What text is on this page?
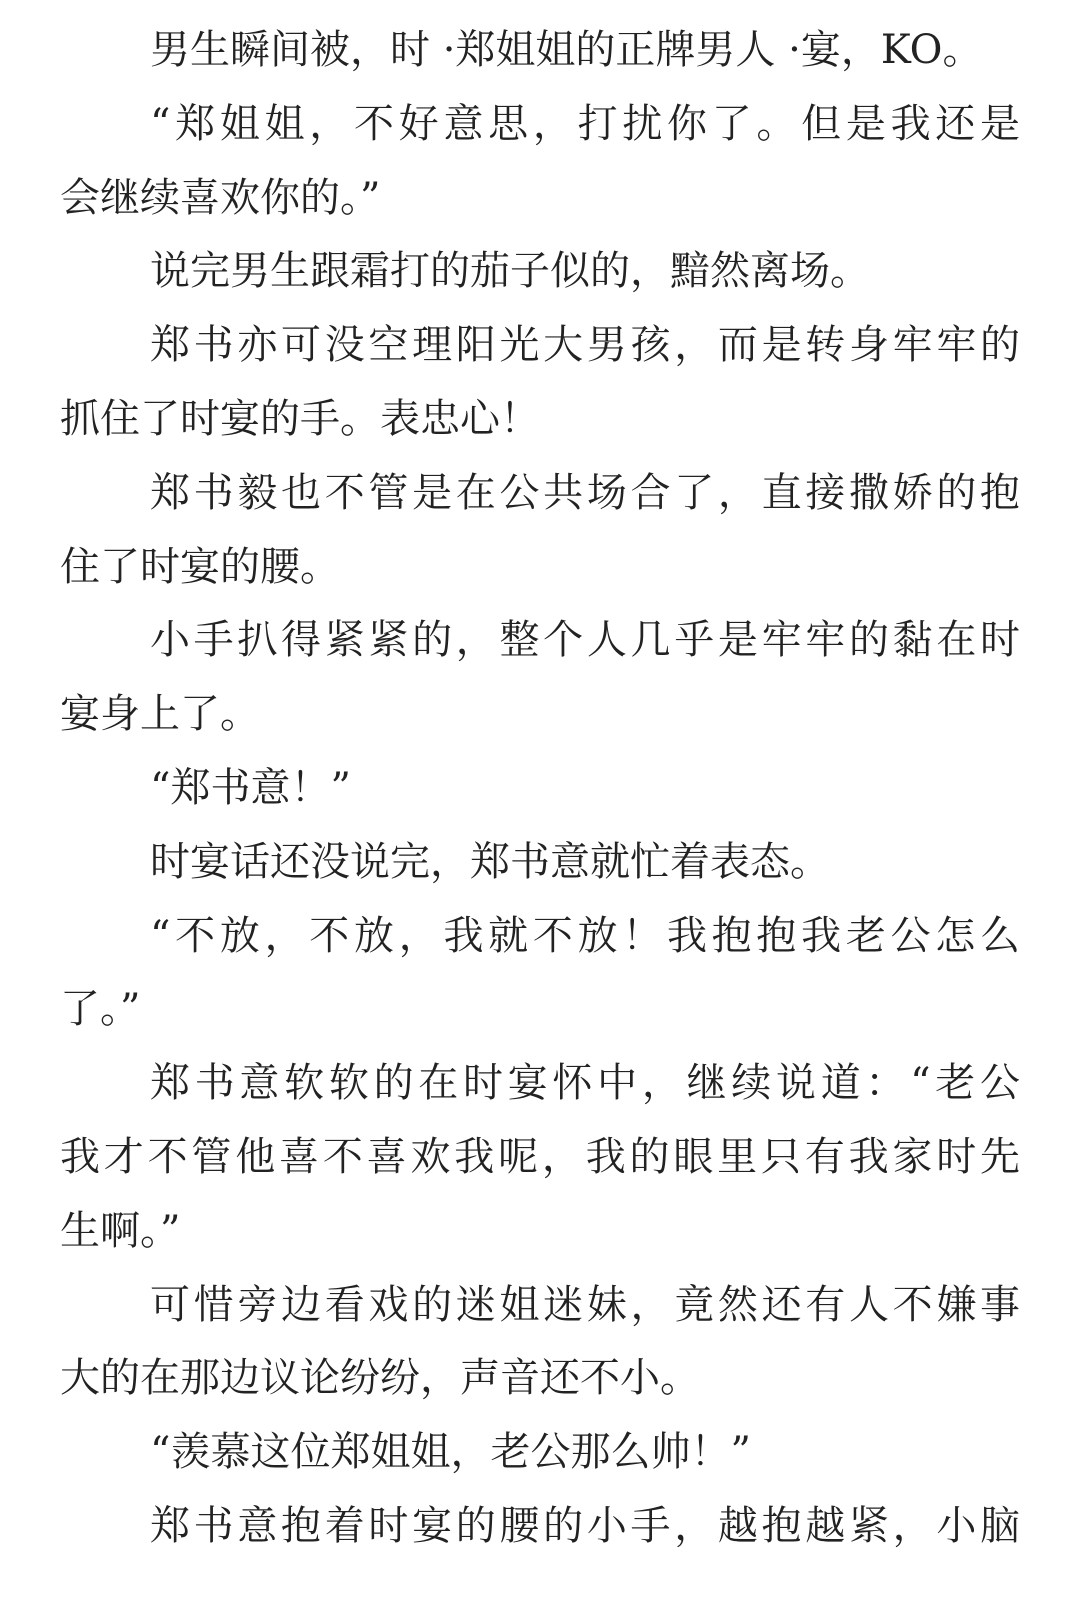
男生瞬间被，时 ·郑姐姐的正牌男人 ·宴，KO。
“郑姐姐，不好意思，打扰你了。但是我还是
会继续喜欢你的。”
说完男生跟霜打的茄子似的，黯然离场。
郑书亦可没空理阳光大男孩，而是转身牢牢的
抓住了时宴的手。表忠心！
郑书毅也不管是在公共场合了，直接撒娇的抱
住了时宴的腰。
小手扒得紧紧的，整个人几乎是牢牢的黏在时
宴身上了。
“郑书意！”
时宴话还没说完，郑书意就忙着表态。
“不放，不放，我就不放！我抱抱我老公怎么
了。”
郑书意软软的在时宴怀中，继续说道：“老公
我才不管他喜不喜欢我呢，我的眼里只有我家时先
生啊。”
可惜旁边看戏的迷姐迷妹，竟然还有人不嫌事
大的在那边议论纷纷，声音还不小。
“羡慕这位郑姐姐，老公那么帅！”
郑书意抱着时宴的腰的小手，越抱越紧，小脑
